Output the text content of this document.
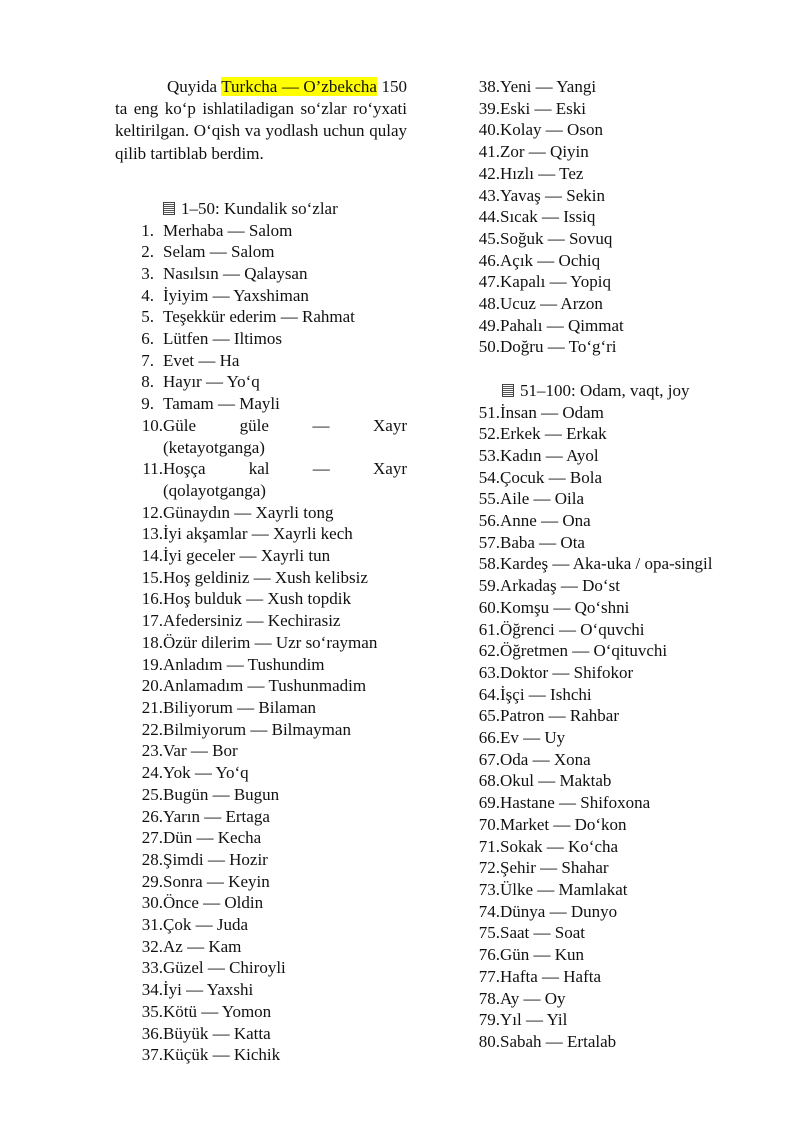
Quyida Turkcha — O’zbekcha 150 ta eng ko‘p ishlatiladigan so‘zlar ro‘yxati keltirilgan. O‘qish va yodlash uchun qulay qilib tartiblab berdim.

1–50: Kundalik so‘zlar
1. Merhaba — Salom
2. Selam — Salom
3. Nasılsın — Qalaysan
4. İyiyim — Yaxshiman
5. Teşekkür ederim — Rahmat
6. Lütfen — Iltimos
7. Evet — Ha
8. Hayır — Yo‘q
9. Tamam — Mayli
10. Güle	güle	—	Xayr
(ketayotganga)
11. Hoşça	kal	—	Xayr
(qolayotganga)
12. Günaydın — Xayrli tong
13. İyi akşamlar — Xayrli kech
14. İyi geceler — Xayrli tun
15. Hoş geldiniz — Xush kelibsiz
16. Hoş bulduk — Xush topdik
17. Afedersiniz — Kechirasiz
18. Özür dilerim — Uzr so‘rayman
19. Anladım — Tushundim
20. Anlamadım — Tushunmadim
21. Biliyorum — Bilaman
22. Bilmiyorum — Bilmayman
23. Var — Bor
24. Yok — Yo‘q
25. Bugün — Bugun
26. Yarın — Ertaga
27. Dün — Kecha
28. Şimdi — Hozir
29. Sonra — Keyin
30. Önce — Oldin
31. Çok — Juda
32. Az — Kam
33. Güzel — Chiroyli
34. İyi — Yaxshi
35. Kötü — Yomon
36. Büyük — Katta
37. Küçük — Kichik
38. Yeni — Yangi
39. Eski — Eski
40. Kolay — Oson
41. Zor — Qiyin
42. Hızlı — Tez
43. Yavaş — Sekin
44. Sıcak — Issiq
45. Soğuk — Sovuq
46. Açık — Ochiq
47. Kapalı — Yopiq
48. Ucuz — Arzon
49. Pahalı — Qimmat
50. Doğru — To‘g‘ri
51–100: Odam, vaqt, joy
51. İnsan — Odam
52. Erkek — Erkak
53. Kadın — Ayol
54. Çocuk — Bola
55. Aile — Oila
56. Anne — Ona
57. Baba — Ota
58. Kardeş — Aka-uka / opa-singil
59. Arkadaş — Do‘st
60. Komşu — Qo‘shni
61. Öğrenci — O‘quvchi
62. Öğretmen — O‘qituvchi
63. Doktor — Shifokor
64. İşçi — Ishchi
65. Patron — Rahbar
66. Ev — Uy
67. Oda — Xona
68. Okul — Maktab
69. Hastane — Shifoxona
70. Market — Do‘kon
71. Sokak — Ko‘cha
72. Şehir — Shahar
73. Ülke — Mamlakat
74. Dünya — Dunyo
75. Saat — Soat
76. Gün — Kun
77. Hafta — Hafta
78. Ay — Oy
79. Yıl — Yil
80. Sabah — Ertalab
